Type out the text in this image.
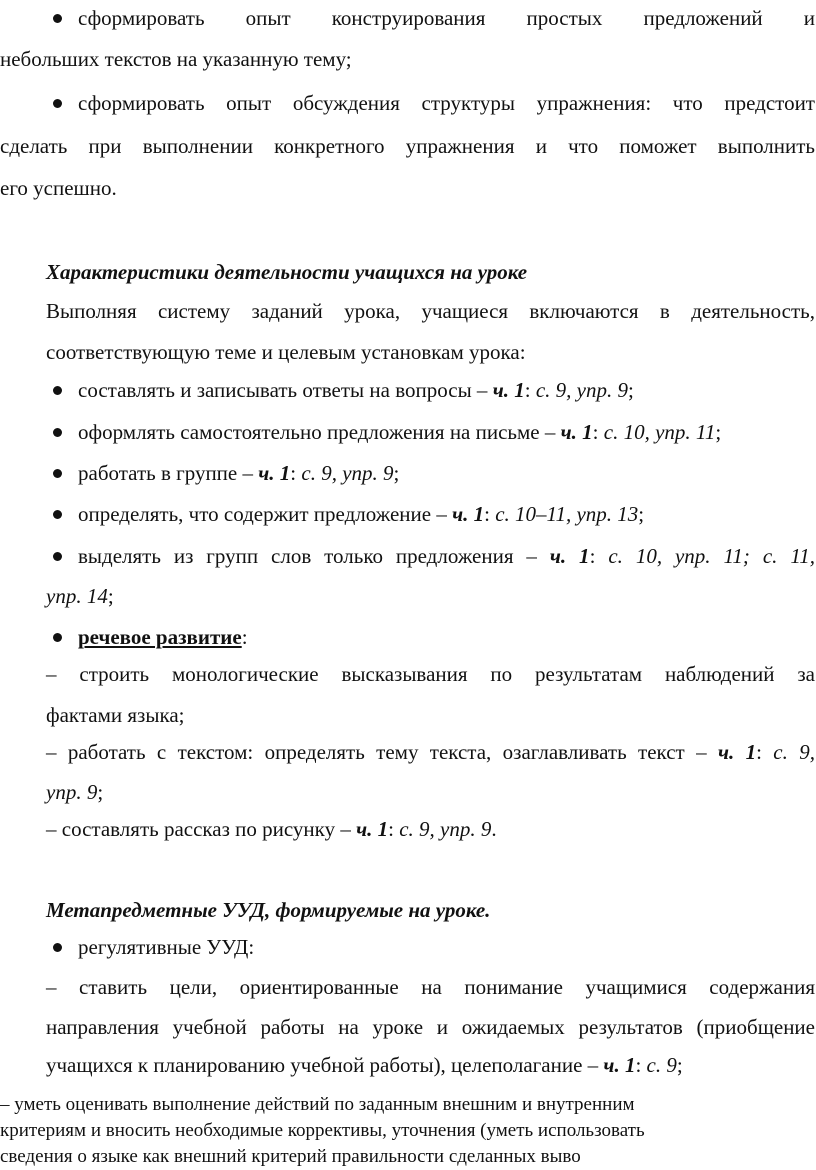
сформировать опыт конструирования простых предложений и
небольших текстов на указанную тему;
сформировать опыт обсуждения структуры упражнения: что предстоит
сделать при выполнении конкретного упражнения и что поможет выполнить
его успешно.
Характеристики деятельности учащихся на уроке
Выполняя систему заданий урока, учащиеся включаются в деятельность,
соответствующую теме и целевым установкам урока:
составлять и записывать ответы на вопросы – ч. 1: с. 9, упр. 9;
оформлять самостоятельно предложения на письме – ч. 1: с. 10, упр. 11;
работать в группе – ч. 1: с. 9, упр. 9;
определять, что содержит предложение – ч. 1: с. 10–11, упр. 13;
выделять из групп слов только предложения – ч. 1: с. 10, упр. 11; с. 11,
упр. 14;
речевое развитие:
– строить монологические высказывания по результатам наблюдений за
фактами языка;
– работать с текстом: определять тему текста, озаглавливать текст – ч. 1: с. 9,
упр. 9;
– составлять рассказ по рисунку – ч. 1: с. 9, упр. 9.
Метапредметные УУД, формируемые на уроке.
регулятивные УУД:
– ставить цели, ориентированные на понимание учащимися содержания
направления учебной работы на уроке и ожидаемых результатов (приобщение
учащихся к планированию учебной работы), целеполагание – ч. 1: с. 9;
– уметь оценивать выполнение действий по заданным внешним и внутренним
критериям и вносить необходимые коррективы, уточнения (уметь использовать
сведения о языке как внешний критерий правильности сделанных выво
